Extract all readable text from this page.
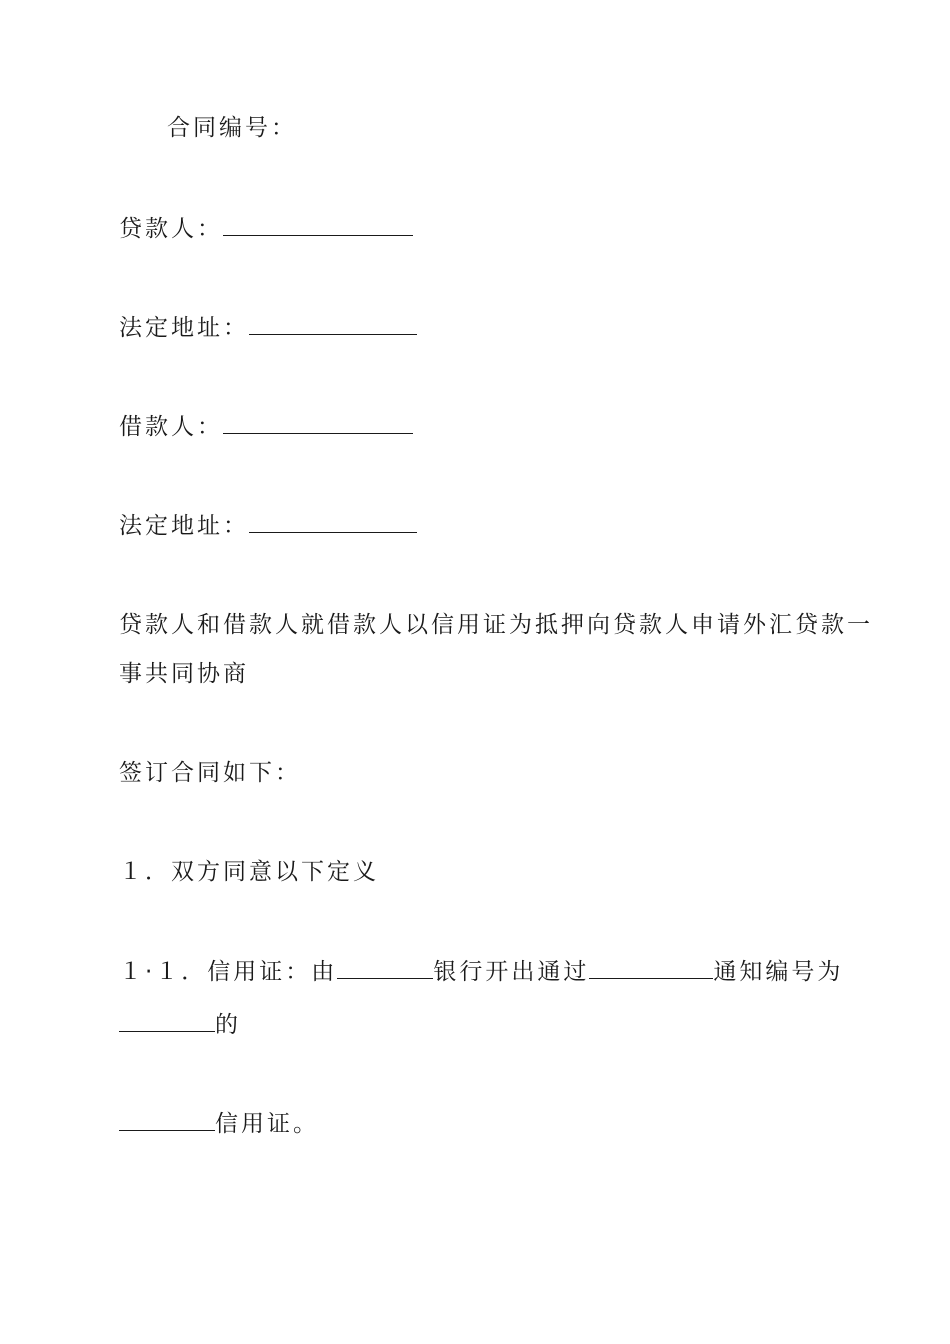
合同编号：
贷款人：
法定地址：
借款人：
法定地址：
贷款人和借款人就借款人以信用证为抵押向贷款人申请外汇贷款一
事共同协商
签订合同如下：
１．双方同意以下定义
１·１．信用证：由	银行开出通过	通知编号为
的
信用证。
